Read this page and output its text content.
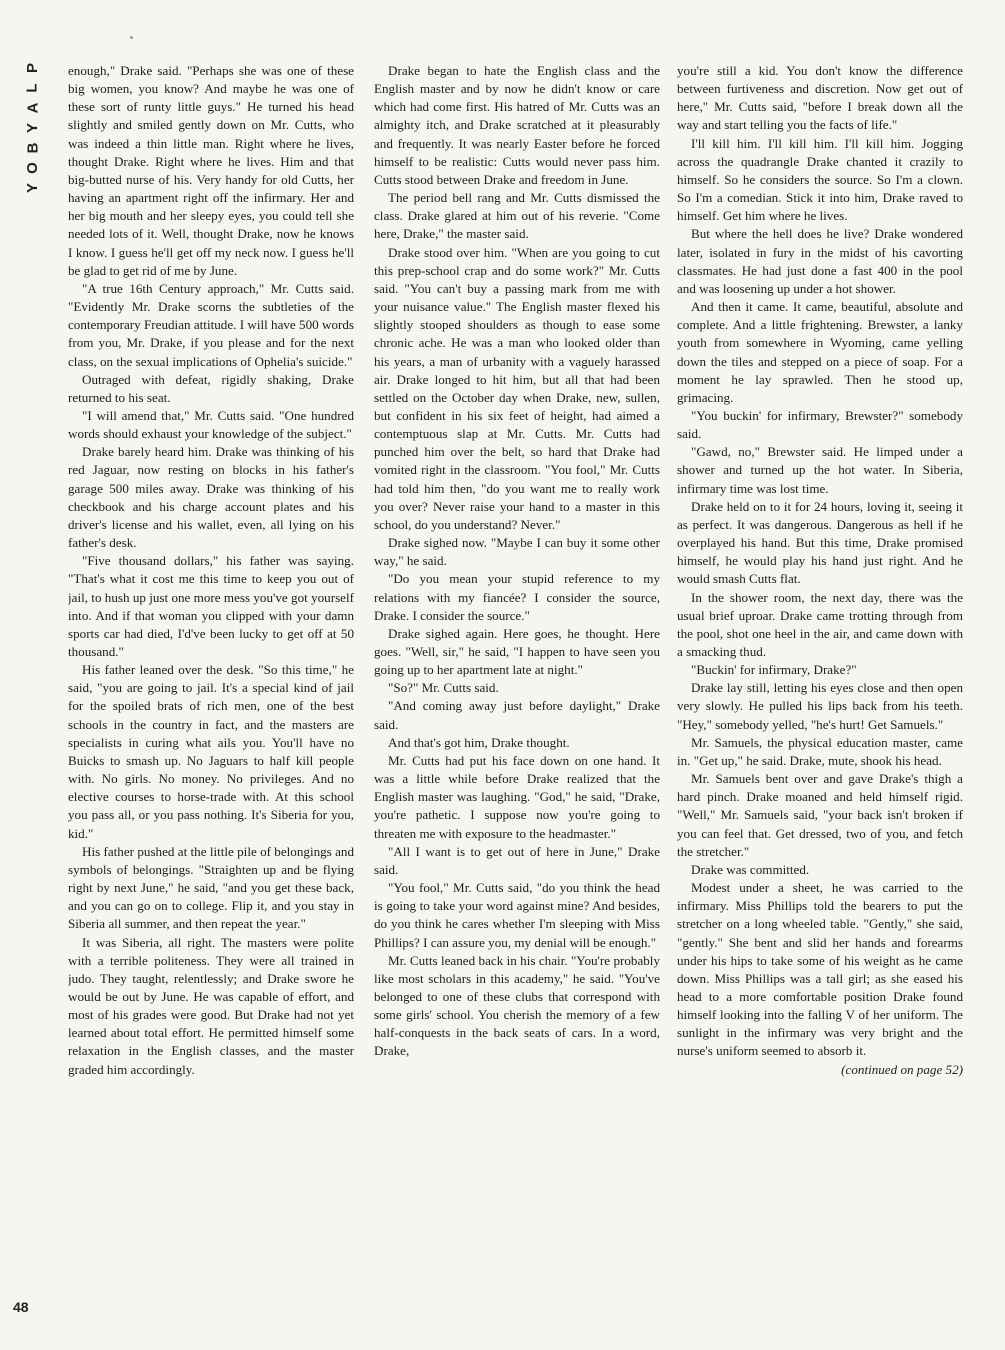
P
L
A
Y
B
O
Y
48

enough," Drake said. "Perhaps she was one of these big women, you know? And maybe he was one of these sort of runty little guys." He turned his head slightly and smiled gently down on Mr. Cutts, who was indeed a thin little man. Right where he lives, thought Drake. Right where he lives. Him and that big-butted nurse of his. Very handy for old Cutts, her having an apartment right off the infirmary. Her and her big mouth and her sleepy eyes, you could tell she needed lots of it. Well, thought Drake, now he knows I know. I guess he'll get off my neck now. I guess he'll be glad to get rid of me by June.

"A true 16th Century approach," Mr. Cutts said. "Evidently Mr. Drake scorns the subtleties of the contemporary Freudian attitude. I will have 500 words from you, Mr. Drake, if you please and for the next class, on the sexual implications of Ophelia's suicide."

Outraged with defeat, rigidly shaking, Drake returned to his seat.

"I will amend that," Mr. Cutts said. "One hundred words should exhaust your knowledge of the subject."

Drake barely heard him. Drake was thinking of his red Jaguar, now resting on blocks in his father's garage 500 miles away. Drake was thinking of his checkbook and his charge account plates and his driver's license and his wallet, even, all lying on his father's desk.

"Five thousand dollars," his father was saying. "That's what it cost me this time to keep you out of jail, to hush up just one more mess you've got yourself into. And if that woman you clipped with your damn sports car had died, I'd've been lucky to get off at 50 thousand."

His father leaned over the desk. "So this time," he said, "you are going to jail. It's a special kind of jail for the spoiled brats of rich men, one of the best schools in the country in fact, and the masters are specialists in curing what ails you. You'll have no Buicks to smash up. No Jaguars to half kill people with. No girls. No money. No privileges. And no elective courses to horse-trade with. At this school you pass all, or you pass nothing. It's Siberia for you, kid."

His father pushed at the little pile of belongings and symbols of belongings. "Straighten up and be flying right by next June," he said, "and you get these back, and you can go on to college. Flip it, and you stay in Siberia all summer, and then repeat the year."

It was Siberia, all right. The masters were polite with a terrible politeness. They were all trained in judo. They taught, relentlessly; and Drake swore he would be out by June. He was capable of effort, and most of his grades were good. But Drake had not yet learned about total effort. He permitted himself some relaxation in the English classes, and the master graded him accordingly.

Drake began to hate the English class and the English master and by now he didn't know or care which had come first. His hatred of Mr. Cutts was an almighty itch, and Drake scratched at it pleasurably and frequently. It was nearly Easter before he forced himself to be realistic: Cutts would never pass him. Cutts stood between Drake and freedom in June.

The period bell rang and Mr. Cutts dismissed the class. Drake glared at him out of his reverie. "Come here, Drake," the master said.

Drake stood over him. "When are you going to cut this prep-school crap and do some work?" Mr. Cutts said. "You can't buy a passing mark from me with your nuisance value." The English master flexed his slightly stooped shoulders as though to ease some chronic ache. He was a man who looked older than his years, a man of urbanity with a vaguely harassed air. Drake longed to hit him, but all that had been settled on the October day when Drake, new, sullen, but confident in his six feet of height, had aimed a contemptuous slap at Mr. Cutts. Mr. Cutts had punched him over the belt, so hard that Drake had vomited right in the classroom. "You fool," Mr. Cutts had told him then, "do you want me to really work you over? Never raise your hand to a master in this school, do you understand? Never."

Drake sighed now. "Maybe I can buy it some other way," he said.

"Do you mean your stupid reference to my relations with my fiancée? I consider the source, Drake. I consider the source."

Drake sighed again. Here goes, he thought. Here goes. "Well, sir," he said, "I happen to have seen you going up to her apartment late at night."

"So?" Mr. Cutts said.

"And coming away just before daylight," Drake said.

And that's got him, Drake thought.

Mr. Cutts had put his face down on one hand. It was a little while before Drake realized that the English master was laughing. "God," he said, "Drake, you're pathetic. I suppose now you're going to threaten me with exposure to the headmaster."

"All I want is to get out of here in June," Drake said.

"You fool," Mr. Cutts said, "do you think the head is going to take your word against mine? And besides, do you think he cares whether I'm sleeping with Miss Phillips? I can assure you, my denial will be enough."

Mr. Cutts leaned back in his chair. "You're probably like most scholars in this academy," he said. "You've belonged to one of these clubs that correspond with some girls' school. You cherish the memory of a few half-conquests in the back seats of cars. In a word, Drake,

you're still a kid. You don't know the difference between furtiveness and discretion. Now get out of here," Mr. Cutts said, "before I break down all the way and start telling you the facts of life."

I'll kill him. I'll kill him. I'll kill him. Jogging across the quadrangle Drake chanted it crazily to himself. So he considers the source. So I'm a clown. So I'm a comedian. Stick it into him, Drake raved to himself. Get him where he lives.

But where the hell does he live? Drake wondered later, isolated in fury in the midst of his cavorting classmates. He had just done a fast 400 in the pool and was loosening up under a hot shower.

And then it came. It came, beautiful, absolute and complete. And a little frightening. Brewster, a lanky youth from somewhere in Wyoming, came yelling down the tiles and stepped on a piece of soap. For a moment he lay sprawled. Then he stood up, grimacing.

"You buckin' for infirmary, Brewster?" somebody said.

"Gawd, no," Brewster said. He limped under a shower and turned up the hot water. In Siberia, infirmary time was lost time.

Drake held on to it for 24 hours, loving it, seeing it as perfect. It was dangerous. Dangerous as hell if he overplayed his hand. But this time, Drake promised himself, he would play his hand just right. And he would smash Cutts flat.

In the shower room, the next day, there was the usual brief uproar. Drake came trotting through from the pool, shot one heel in the air, and came down with a smacking thud.

"Buckin' for infirmary, Drake?"

Drake lay still, letting his eyes close and then open very slowly. He pulled his lips back from his teeth. "Hey," somebody yelled, "he's hurt! Get Samuels."

Mr. Samuels, the physical education master, came in. "Get up," he said. Drake, mute, shook his head.

Mr. Samuels bent over and gave Drake's thigh a hard pinch. Drake moaned and held himself rigid. "Well," Mr. Samuels said, "your back isn't broken if you can feel that. Get dressed, two of you, and fetch the stretcher."

Drake was committed.

Modest under a sheet, he was carried to the infirmary. Miss Phillips told the bearers to put the stretcher on a long wheeled table. "Gently," she said, "gently." She bent and slid her hands and forearms under his hips to take some of his weight as he came down. Miss Phillips was a tall girl; as she eased his head to a more comfortable position Drake found himself looking into the falling V of her uniform. The sunlight in the infirmary was very bright and the nurse's uniform seemed to absorb it.

(continued on page 52)
